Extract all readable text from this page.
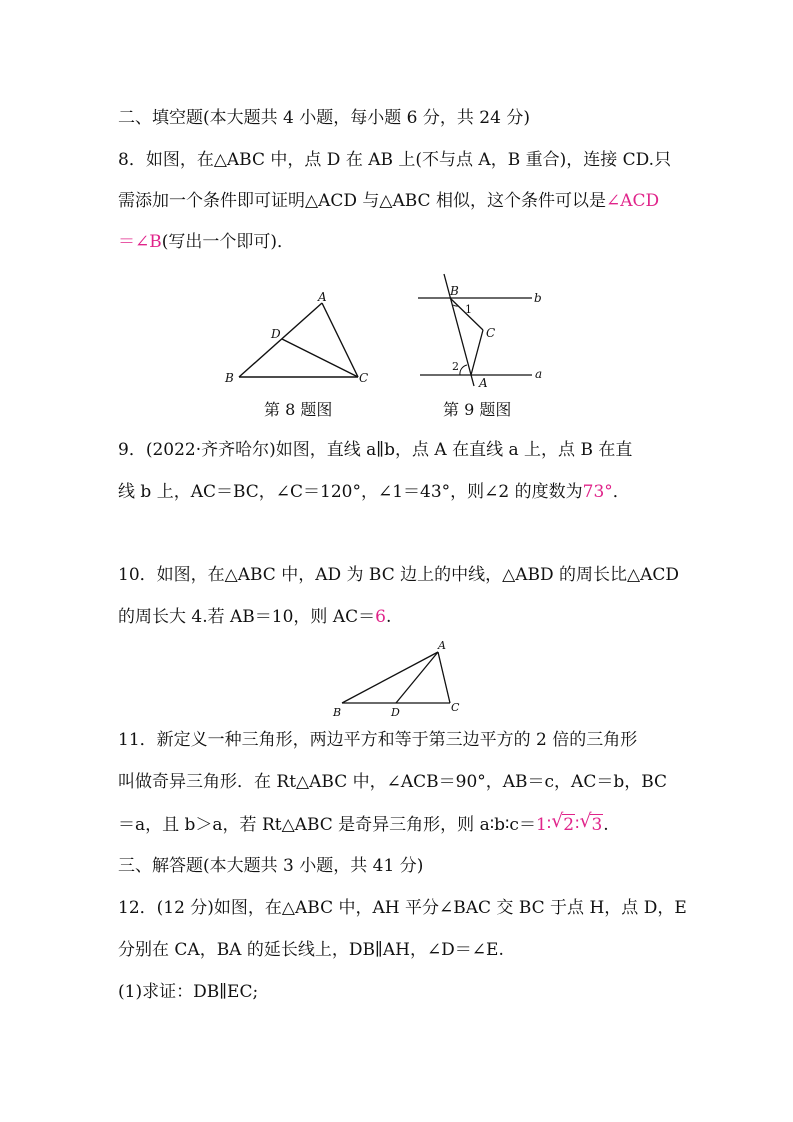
二、填空题(本大题共 4 小题，每小题 6 分，共 24 分)
8．如图，在△ABC 中，点 D 在 AB 上(不与点 A，B 重合)，连接 CD.只
需添加一个条件即可证明△ACD 与△ABC 相似，这个条件可以是∠ACD
＝∠B(写出一个即可)．
A
D
B	C
第 8 题图
B	b
1
C
2
a
A
第 9 题图
9．(2022·齐齐哈尔)如图，直线 a∥b，点 A 在直线 a 上，点 B 在直
线 b 上，AC＝BC，∠C＝120°，∠1＝43°，则∠2 的度数为73°．
10．如图，在△ABC 中，AD 为 BC 边上的中线，△ABD 的周长比△ACD
的周长大 4.若 AB＝10，则 AC＝6.
A
B	D	C
11．新定义一种三角形，两边平方和等于第三边平方的 2 倍的三角形
叫做奇异三角形．在 Rt△ABC 中，∠ACB＝90°，AB＝c，AC＝b，BC
＝a，且 b＞a，若 Rt△ABC 是奇异三角形，则 a∶b∶c＝1∶ √ 2∶ √ 3.
三、解答题(本大题共 3 小题，共 41 分)
12．(12 分)如图，在△ABC 中，AH 平分∠BAC 交 BC 于点 H，点 D，E
分别在 CA，BA 的延长线上，DB∥AH，∠D＝∠E.
(1)求证：DB∥EC;
